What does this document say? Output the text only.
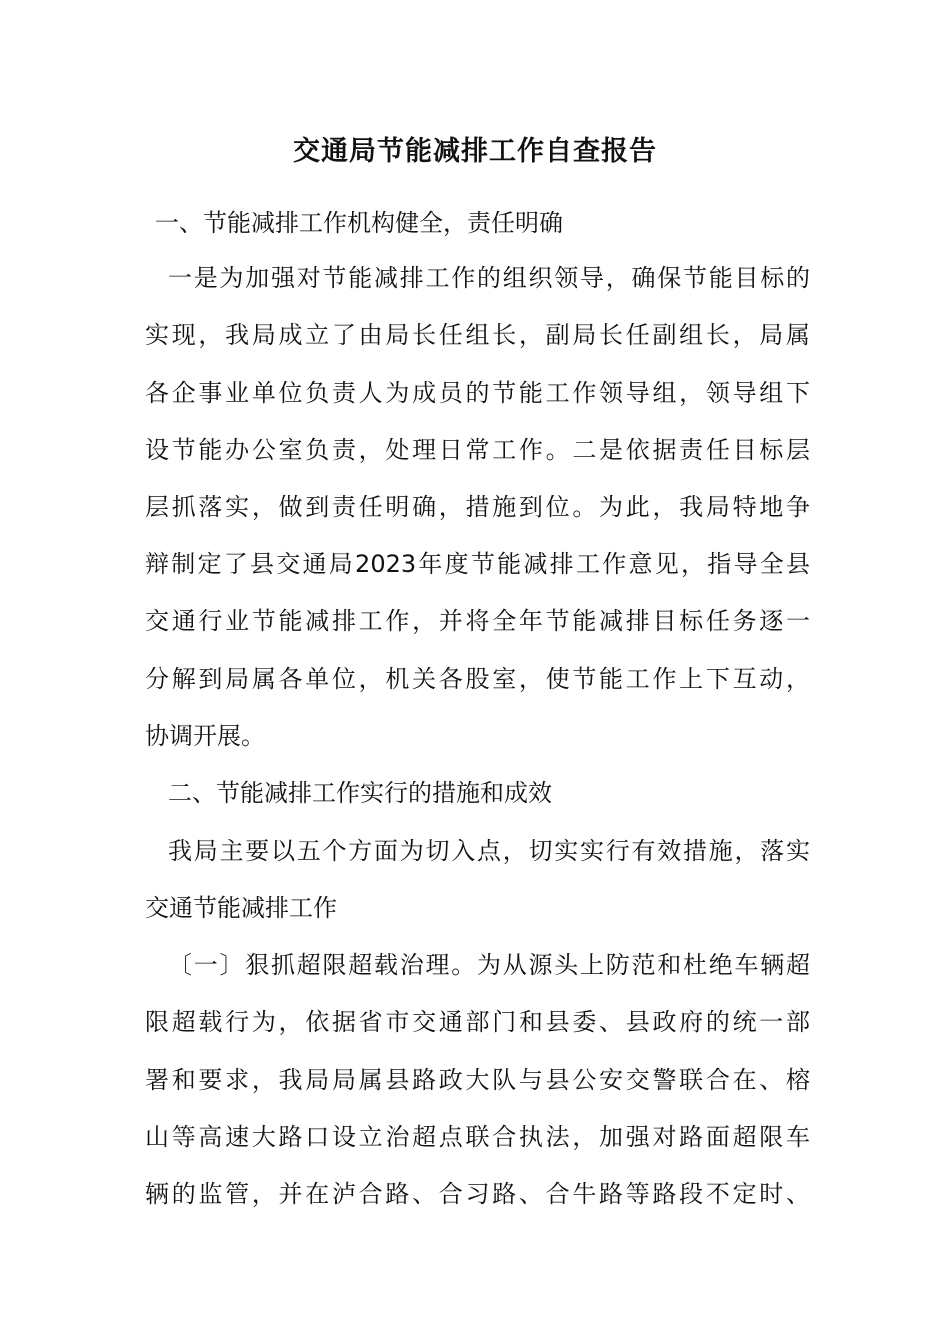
交通局节能减排工作自查报告

一、节能减排工作机构健全，责任明确

一是为加强对节能减排工作的组织领导，确保节能目标的

实现，我局成立了由局长任组长，副局长任副组长，局属

各企事业单位负责人为成员的节能工作领导组，领导组下

设节能办公室负责，处理日常工作。二是依据责任目标层

层抓落实，做到责任明确，措施到位。为此，我局特地争

辩制定了县交通局2023年度节能减排工作意见，指导全县

交通行业节能减排工作，并将全年节能减排目标任务逐一

分解到局属各单位，机关各股室，使节能工作上下互动，

协调开展。

二、节能减排工作实行的措施和成效

我局主要以五个方面为切入点，切实实行有效措施，落实

交通节能减排工作

〔一〕狠抓超限超载治理。为从源头上防范和杜绝车辆超

限超载行为，依据省市交通部门和县委、县政府的统一部

署和要求，我局局属县路政大队与县公安交警联合在、榕

山等高速大路口设立治超点联合执法，加强对路面超限车

辆的监管，并在泸合路、合习路、合牛路等路段不定时、
